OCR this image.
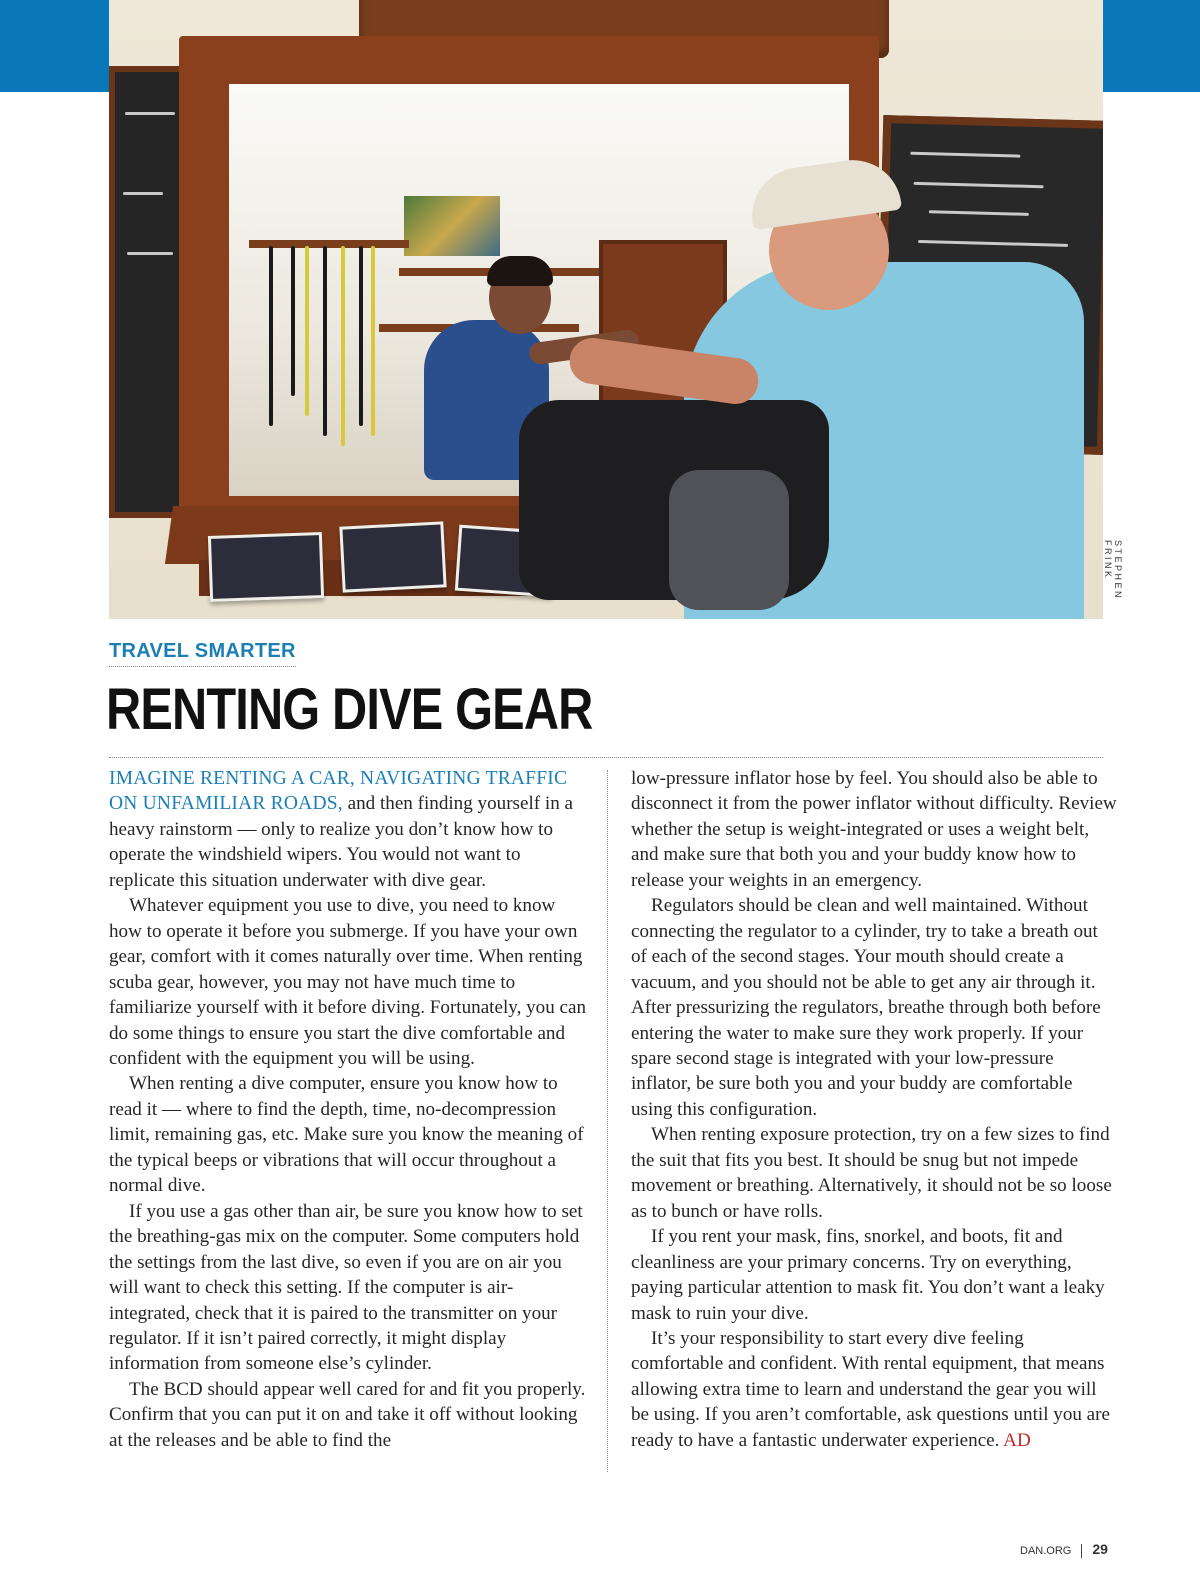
STEPHEN FRINK
TRAVEL SMARTER
RENTING DIVE GEAR

IMAGINE RENTING A CAR, NAVIGATING TRAFFIC ON UNFAMILIAR ROADS, and then finding yourself in a heavy rainstorm — only to realize you don’t know how to operate the windshield wipers. You would not want to replicate this situation underwater with dive gear.

Whatever equipment you use to dive, you need to know how to operate it before you submerge. If you have your own gear, comfort with it comes naturally over time. When renting scuba gear, however, you may not have much time to familiarize yourself with it before diving. Fortunately, you can do some things to ensure you start the dive comfortable and confident with the equipment you will be using.

When renting a dive computer, ensure you know how to read it — where to find the depth, time, no-decompression limit, remaining gas, etc. Make sure you know the meaning of the typical beeps or vibrations that will occur throughout a normal dive.

If you use a gas other than air, be sure you know how to set the breathing-gas mix on the computer. Some computers hold the settings from the last dive, so even if you are on air you will want to check this setting. If the computer is air-integrated, check that it is paired to the transmitter on your regulator. If it isn’t paired correctly, it might display information from someone else’s cylinder.

The BCD should appear well cared for and fit you properly. Confirm that you can put it on and take it off without looking at the releases and be able to find the

low-pressure inflator hose by feel. You should also be able to disconnect it from the power inflator without difficulty. Review whether the setup is weight-integrated or uses a weight belt, and make sure that both you and your buddy know how to release your weights in an emergency.

Regulators should be clean and well maintained. Without connecting the regulator to a cylinder, try to take a breath out of each of the second stages. Your mouth should create a vacuum, and you should not be able to get any air through it. After pressurizing the regulators, breathe through both before entering the water to make sure they work properly. If your spare second stage is integrated with your low-pressure inflator, be sure both you and your buddy are comfortable using this configuration.

When renting exposure protection, try on a few sizes to find the suit that fits you best. It should be snug but not impede movement or breathing. Alternatively, it should not be so loose as to bunch or have rolls.

If you rent your mask, fins, snorkel, and boots, fit and cleanliness are your primary concerns. Try on everything, paying particular attention to mask fit. You don’t want a leaky mask to ruin your dive.

It’s your responsibility to start every dive feeling comfortable and confident. With rental equipment, that means allowing extra time to learn and understand the gear you will be using. If you aren’t comfortable, ask questions until you are ready to have a fantastic underwater experience. AD

DAN.ORG 29
